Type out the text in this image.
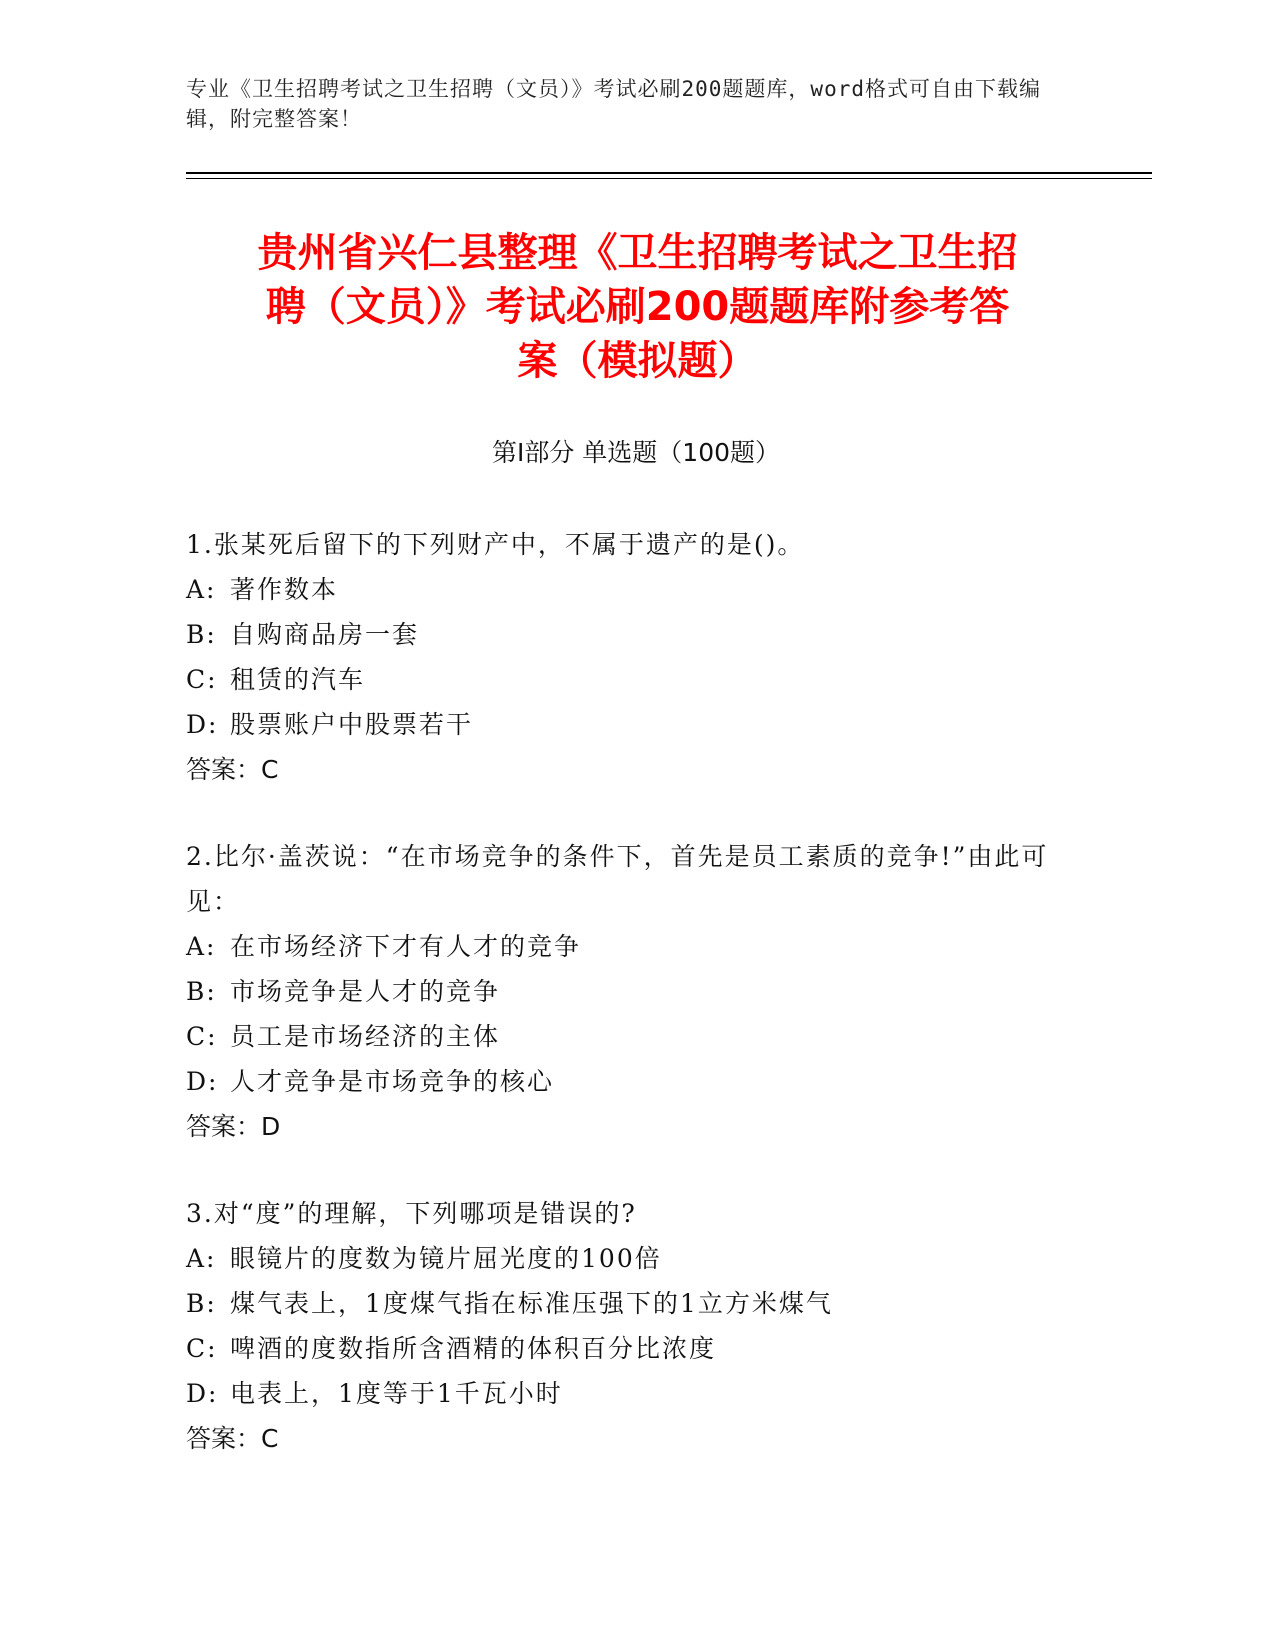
专业《卫生招聘考试之卫生招聘（文员）》考试必刷200题题库，word格式可自由下载编辑，附完整答案！
贵州省兴仁县整理《卫生招聘考试之卫生招
聘（文员）》考试必刷200题题库附参考答
案（模拟题）
第Ⅰ部分 单选题（100题）
1.张某死后留下的下列财产中，不属于遗产的是()。
A: 著作数本
B: 自购商品房一套
C: 租赁的汽车
D: 股票账户中股票若干
答案：C
2.比尔·盖茨说：“在市场竞争的条件下，首先是员工素质的竞争!”由此可见：
A: 在市场经济下才有人才的竞争
B: 市场竞争是人才的竞争
C: 员工是市场经济的主体
D: 人才竞争是市场竞争的核心
答案：D
3.对“度”的理解，下列哪项是错误的?
A: 眼镜片的度数为镜片屈光度的100倍
B: 煤气表上，1度煤气指在标准压强下的1立方米煤气
C: 啤酒的度数指所含酒精的体积百分比浓度
D: 电表上，1度等于1千瓦小时
答案：C
